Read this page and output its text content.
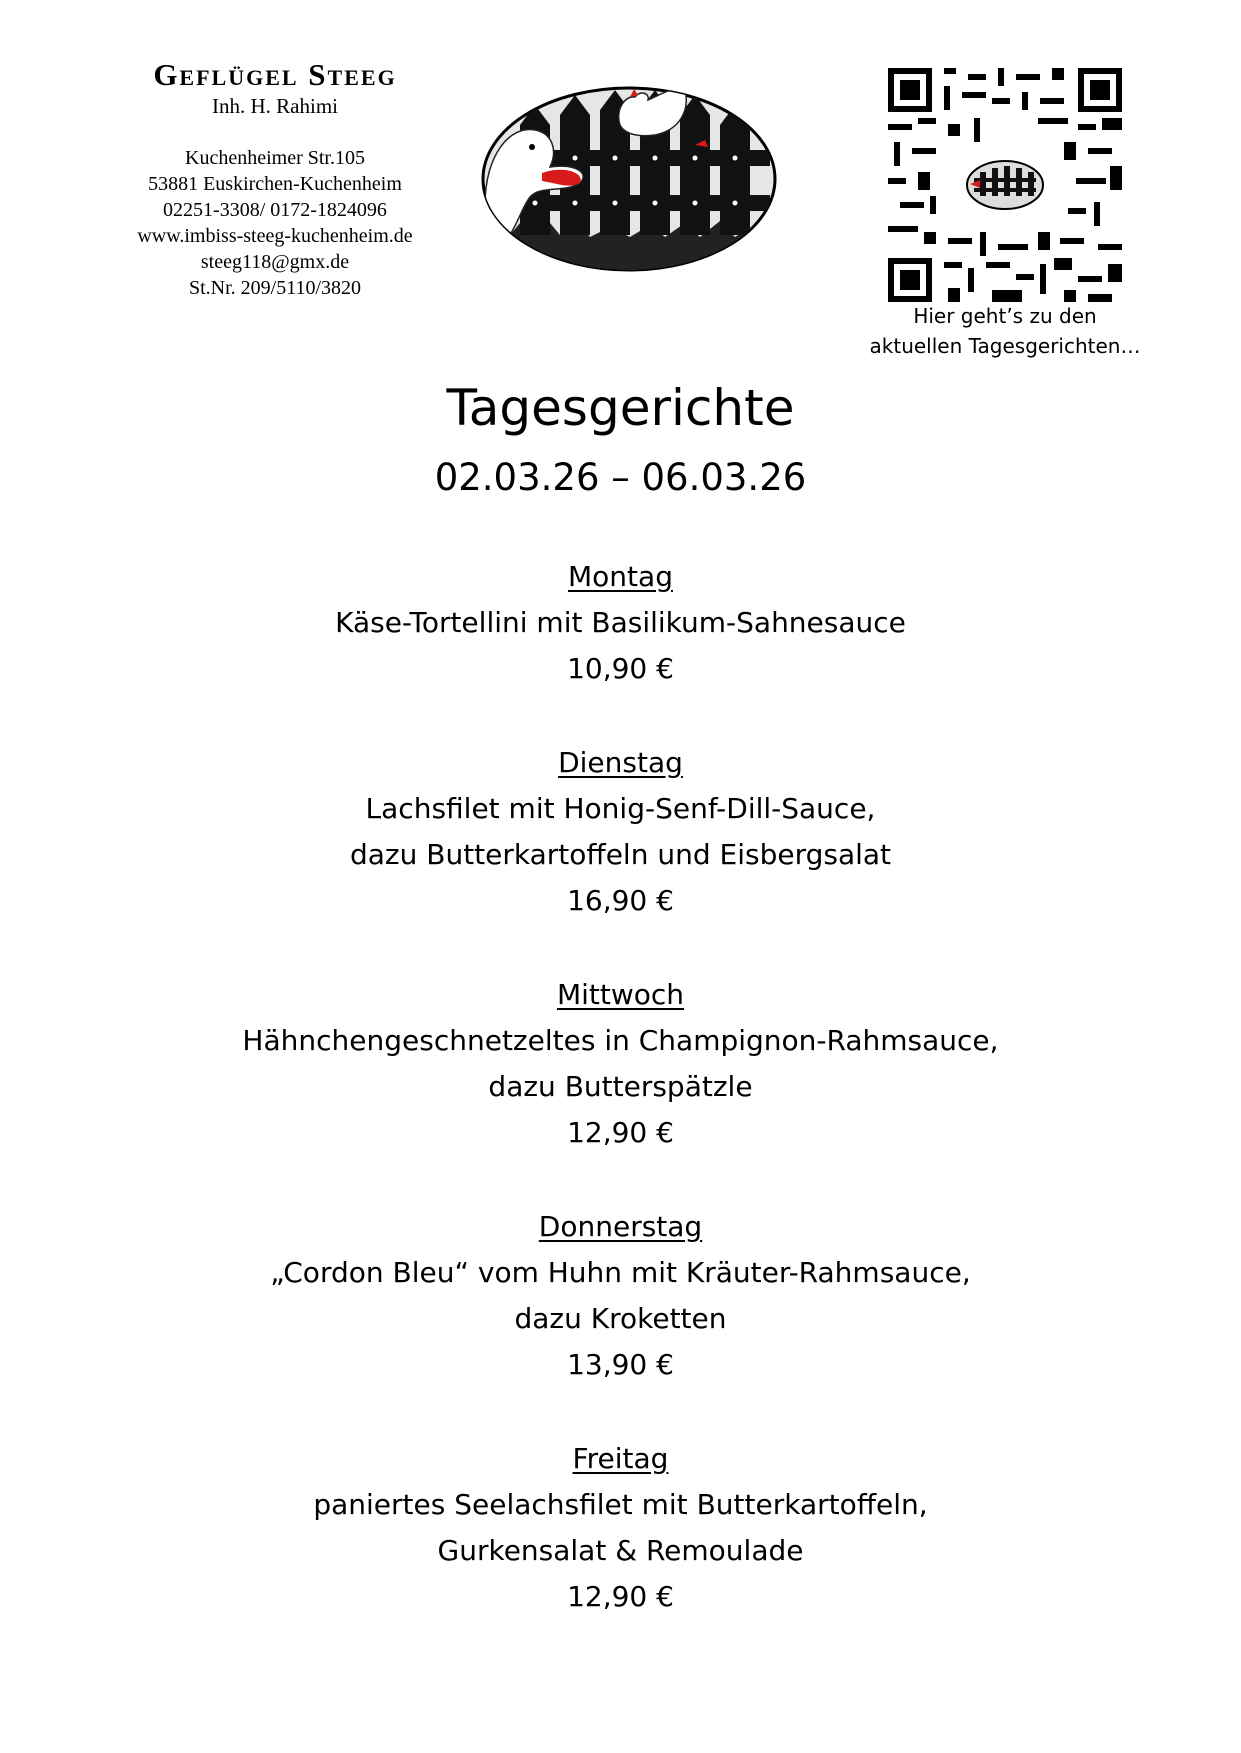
Geflügel Steeg
Inh. H. Rahimi
Kuchenheimer Str.105
53881 Euskirchen-Kuchenheim
02251-3308/ 0172-1824096
www.imbiss-steeg-kuchenheim.de
steeg118@gmx.de
St.Nr. 209/5110/3820
Hier geht’s zu den
aktuellen Tagesgerichten…
Tagesgerichte
02.03.26 – 06.03.26
Montag
Käse-Tortellini mit Basilikum-Sahnesauce
10,90 €
Dienstag
Lachsfilet mit Honig-Senf-Dill-Sauce,
dazu Butterkartoffeln und Eisbergsalat
16,90 €
Mittwoch
Hähnchengeschnetzeltes in Champignon-Rahmsauce,
dazu Butterspätzle
12,90 €
Donnerstag
„Cordon Bleu“ vom Huhn mit Kräuter-Rahmsauce,
dazu Kroketten
13,90 €
Freitag
paniertes Seelachsfilet mit Butterkartoffeln,
Gurkensalat & Remoulade
12,90 €
